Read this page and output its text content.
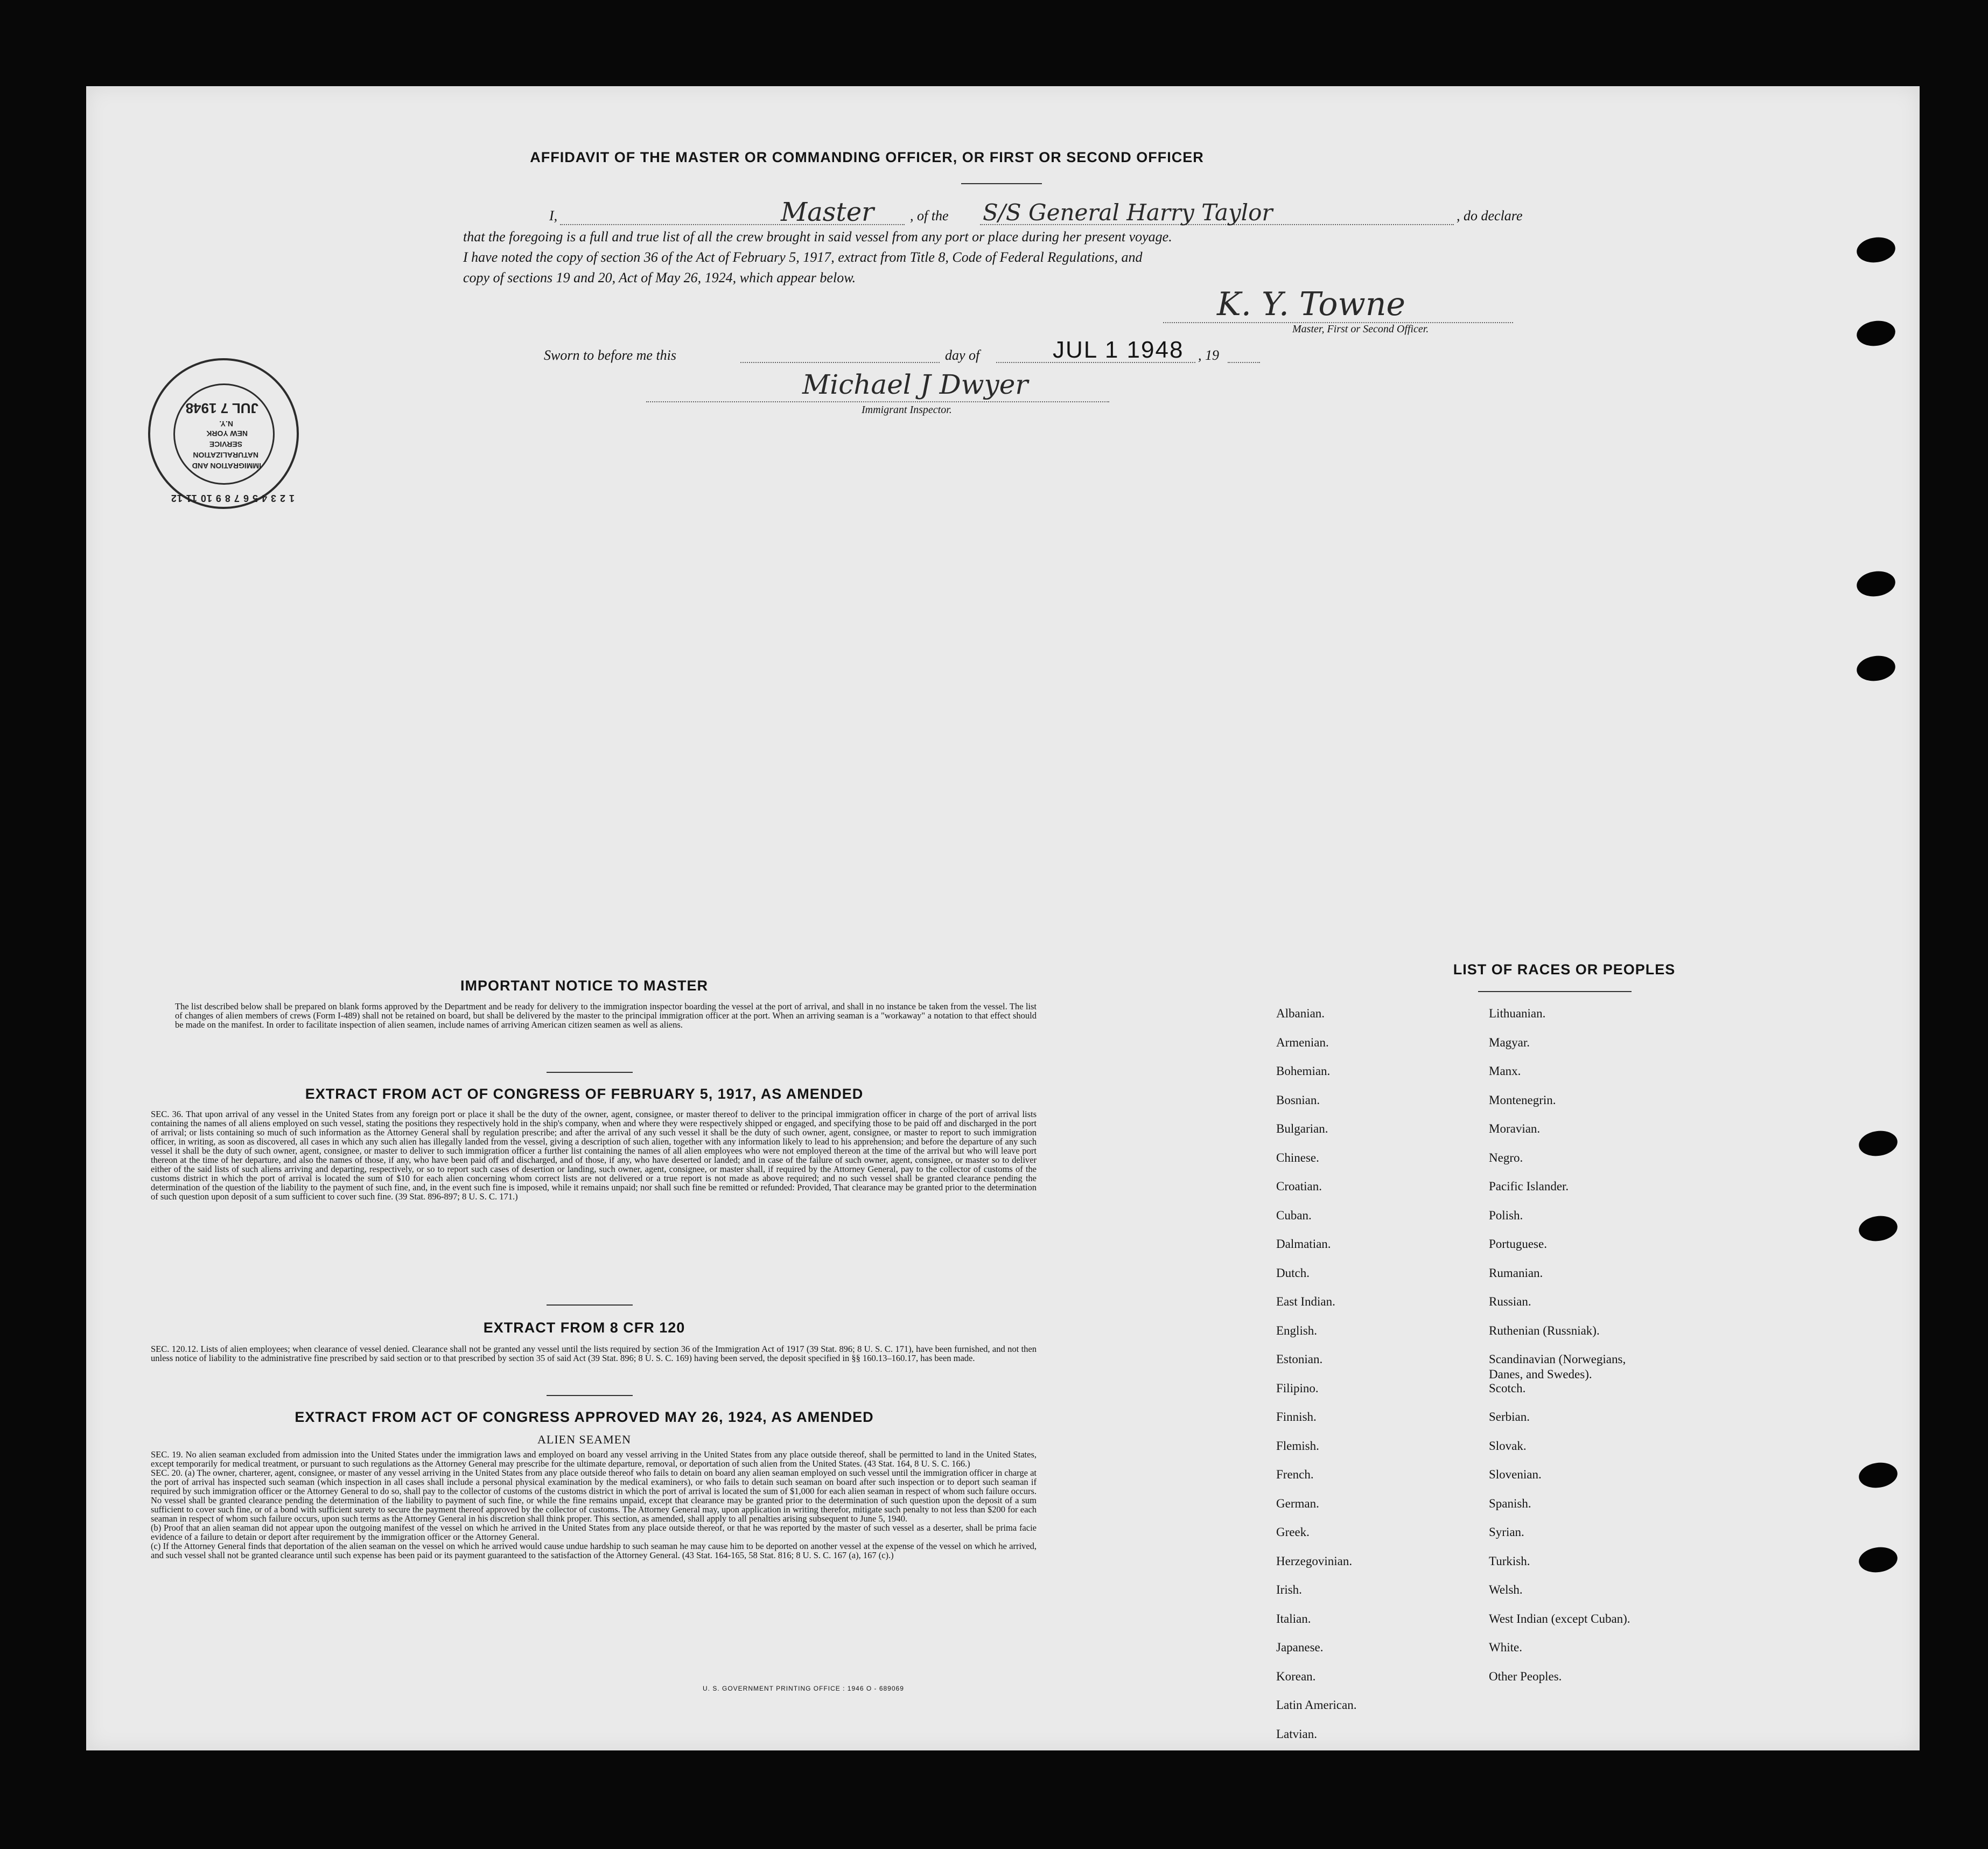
AFFIDAVIT OF THE MASTER OR COMMANDING OFFICER, OR FIRST OR SECOND OFFICER
I,	Master	, of the S/S General Harry Taylor	, do declare
that the foregoing is a full and true list of all the crew brought in said vessel from any port or place during her present voyage.
I have noted the copy of section 36 of the Act of February 5, 1917, extract from Title 8, Code of Federal Regulations, and
copy of sections 19 and 20, Act of May 26, 1924, which appear below.
K. Y. Towne
Master, First or Second Officer.
Sworn to before me this	day of	JUL 1 1948 , 19
Michael J Dwyer
Immigrant Inspector.
1 2 3 4 5 6 7 8 9 10 11 12
IMMIGRATION AND
NATURALIZATION
SERVICE
NEW YORK
N.Y.
JUL 7 1948
IMPORTANT NOTICE TO MASTER
The list described below shall be prepared on blank forms approved by the Department and be ready for delivery to the immigration inspector boarding the vessel at the port of arrival, and shall in no instance be taken from the vessel. The list of changes of alien members of crews (Form I-489) shall not be retained on board, but shall be delivered by the master to the principal immigration officer at the port. When an arriving seaman is a "workaway" a notation to that effect should be made on the manifest. In order to facilitate inspection of alien seamen, include names of arriving American citizen seamen as well as aliens.
EXTRACT FROM ACT OF CONGRESS OF FEBRUARY 5, 1917, AS AMENDED
SEC. 36. That upon arrival of any vessel in the United States from any foreign port or place it shall be the duty of the owner, agent, consignee, or master thereof to deliver to the principal immigration officer in charge of the port of arrival lists containing the names of all aliens employed on such vessel, stating the positions they respectively hold in the ship's company, when and where they were respectively shipped or engaged, and specifying those to be paid off and discharged in the port of arrival; or lists containing so much of such information as the Attorney General shall by regulation prescribe; and after the arrival of any such vessel it shall be the duty of such owner, agent, consignee, or master to report to such immigration officer, in writing, as soon as discovered, all cases in which any such alien has illegally landed from the vessel, giving a description of such alien, together with any information likely to lead to his apprehension; and before the departure of any such vessel it shall be the duty of such owner, agent, consignee, or master to deliver to such immigration officer a further list containing the names of all alien employees who were not employed thereon at the time of the arrival but who will leave port thereon at the time of her departure, and also the names of those, if any, who have been paid off and discharged, and of those, if any, who have deserted or landed; and in case of the failure of such owner, agent, consignee, or master so to deliver either of the said lists of such aliens arriving and departing, respectively, or so to report such cases of desertion or landing, such owner, agent, consignee, or master shall, if required by the Attorney General, pay to the collector of customs of the customs district in which the port of arrival is located the sum of $10 for each alien concerning whom correct lists are not delivered or a true report is not made as above required; and no such vessel shall be granted clearance pending the determination of the question of the liability to the payment of such fine, and, in the event such fine is imposed, while it remains unpaid; nor shall such fine be remitted or refunded: Provided, That clearance may be granted prior to the determination of such question upon deposit of a sum sufficient to cover such fine. (39 Stat. 896-897; 8 U. S. C. 171.)
EXTRACT FROM 8 CFR 120
SEC. 120.12. Lists of alien employees; when clearance of vessel denied. Clearance shall not be granted any vessel until the lists required by section 36 of the Immigration Act of 1917 (39 Stat. 896; 8 U. S. C. 171), have been furnished, and not then unless notice of liability to the administrative fine prescribed by said section or to that prescribed by section 35 of said Act (39 Stat. 896; 8 U. S. C. 169) having been served, the deposit specified in §§ 160.13–160.17, has been made.
EXTRACT FROM ACT OF CONGRESS APPROVED MAY 26, 1924, AS AMENDED
ALIEN SEAMEN
SEC. 19. No alien seaman excluded from admission into the United States under the immigration laws and employed on board any vessel arriving in the United States from any place outside thereof, shall be permitted to land in the United States, except temporarily for medical treatment, or pursuant to such regulations as the Attorney General may prescribe for the ultimate departure, removal, or deportation of such alien from the United States. (43 Stat. 164, 8 U. S. C. 166.)
SEC. 20. (a) The owner, charterer, agent, consignee, or master of any vessel arriving in the United States from any place outside thereof who fails to detain on board any alien seaman employed on such vessel until the immigration officer in charge at the port of arrival has inspected such seaman (which inspection in all cases shall include a personal physical examination by the medical examiners), or who fails to detain such seaman on board after such inspection or to deport such seaman if required by such immigration officer or the Attorney General to do so, shall pay to the collector of customs of the customs district in which the port of arrival is located the sum of $1,000 for each alien seaman in respect of whom such failure occurs. No vessel shall be granted clearance pending the determination of the liability to payment of such fine, or while the fine remains unpaid, except that clearance may be granted prior to the determination of such question upon the deposit of a sum sufficient to cover such fine, or of a bond with sufficient surety to secure the payment thereof approved by the collector of customs. The Attorney General may, upon application in writing therefor, mitigate such penalty to not less than $200 for each seaman in respect of whom such failure occurs, upon such terms as the Attorney General in his discretion shall think proper. This section, as amended, shall apply to all penalties arising subsequent to June 5, 1940.
(b) Proof that an alien seaman did not appear upon the outgoing manifest of the vessel on which he arrived in the United States from any place outside thereof, or that he was reported by the master of such vessel as a deserter, shall be prima facie evidence of a failure to detain or deport after requirement by the immigration officer or the Attorney General.
(c) If the Attorney General finds that deportation of the alien seaman on the vessel on which he arrived would cause undue hardship to such seaman he may cause him to be deported on another vessel at the expense of the vessel on which he arrived, and such vessel shall not be granted clearance until such expense has been paid or its payment guaranteed to the satisfaction of the Attorney General. (43 Stat. 164-165, 58 Stat. 816; 8 U. S. C. 167 (a), 167 (c).)
U. S. GOVERNMENT PRINTING OFFICE : 1946 O - 689069
LIST OF RACES OR PEOPLES
Albanian.
Armenian.
Bohemian.
Bosnian.
Bulgarian.
Chinese.
Croatian.
Cuban.
Dalmatian.
Dutch.
East Indian.
English.
Estonian.
Filipino.
Finnish.
Flemish.
French.
German.
Greek.
Herzegovinian.
Irish.
Italian.
Japanese.
Korean.
Latin American.
Latvian.
Lithuanian.
Magyar.
Manx.
Montenegrin.
Moravian.
Negro.
Pacific Islander.
Polish.
Portuguese.
Rumanian.
Russian.
Ruthenian (Russniak).
Scandinavian (Norwegians,
Danes, and Swedes).
Scotch.
Serbian.
Slovak.
Slovenian.
Spanish.
Syrian.
Turkish.
Welsh.
West Indian (except Cuban).
White.
Other Peoples.
